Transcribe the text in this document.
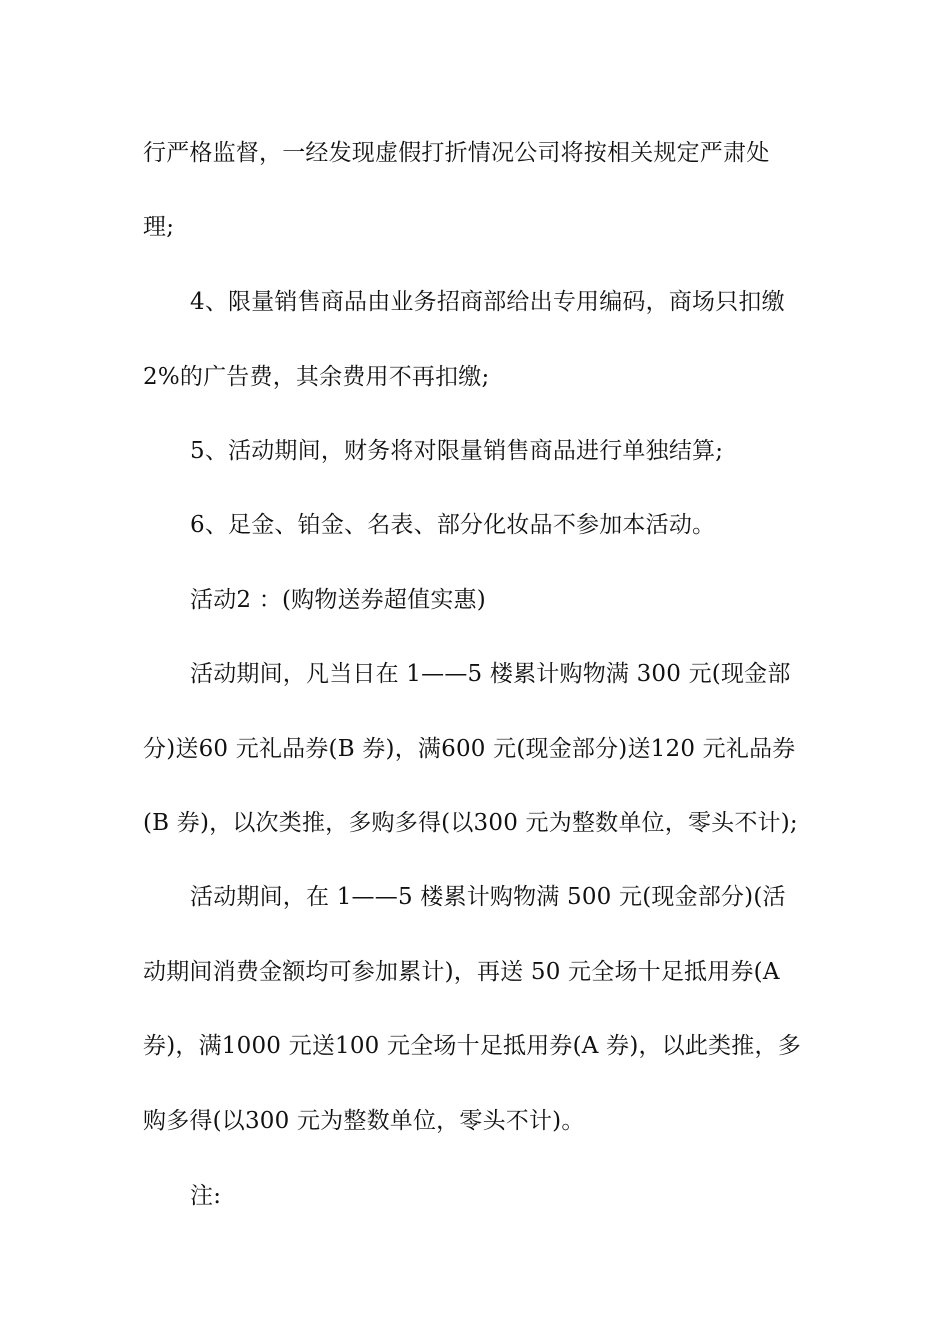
行严格监督，一经发现虚假打折情况公司将按相关规定严肃处
理;
4、限量销售商品由业务招商部给出专用编码，商场只扣缴
2%的广告费，其余费用不再扣缴;
5、活动期间，财务将对限量销售商品进行单独结算;
6、足金、铂金、名表、部分化妆品不参加本活动。
活动2 ：(购物送券超值实惠)
活动期间，凡当日在 1——5 楼累计购物满 300 元(现金部
分)送60 元礼品券(B 券)，满600 元(现金部分)送120 元礼品券
(B 券)，以次类推，多购多得(以300 元为整数单位，零头不计);
活动期间，在 1——5 楼累计购物满 500 元(现金部分)(活
动期间消费金额均可参加累计)，再送 50 元全场十足抵用券(A
券)，满1000 元送100 元全场十足抵用券(A 券)，以此类推，多
购多得(以300 元为整数单位，零头不计)。
注:
